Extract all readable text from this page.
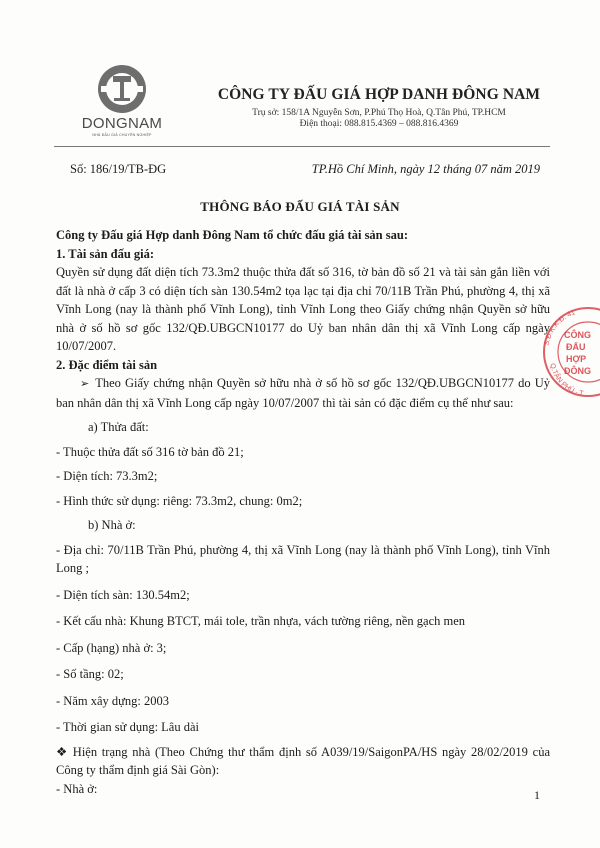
DONGNAM
NHÀ ĐẤU GIÁ CHUYÊN NGHIỆP
CÔNG TY ĐẤU GIÁ HỢP DANH ĐÔNG NAM
Trụ sở: 158/1A Nguyễn Sơn, P.Phú Thọ Hoà, Q.Tân Phú, TP.HCM
Điện thoại: 088.815.4369 – 088.816.4369
Số: 186/19/TB-ĐG	TP.Hồ Chí Minh, ngày 12 tháng 07 năm 2019
THÔNG BÁO ĐẤU GIÁ TÀI SẢN

Công ty Đấu giá Hợp danh Đông Nam tổ chức đấu giá tài sản sau:

1. Tài sản đấu giá:

Quyền sử dụng đất diện tích 73.3m2 thuộc thửa đất số 316, tờ bản đồ số 21 và tài sản gắn liền với đất là nhà ở cấp 3 có diện tích sàn 130.54m2 tọa lạc tại địa chỉ 70/11B Trần Phú, phường 4, thị xã Vĩnh Long (nay là thành phố Vĩnh Long), tỉnh Vĩnh Long theo Giấy chứng nhận Quyền sở hữu nhà ở số hồ sơ gốc 132/QĐ.UBGCN10177 do Uỷ ban nhân dân thị xã Vĩnh Long cấp ngày 10/07/2007.

2. Đặc điểm tài sản

➢ Theo Giấy chứng nhận Quyền sở hữu nhà ở số hồ sơ gốc 132/QĐ.UBGCN10177 do Uỷ ban nhân dân thị xã Vĩnh Long cấp ngày 10/07/2007 thì tài sản có đặc điểm cụ thể như sau:

a) Thửa đất:

- Thuộc thửa đất số 316 tờ bản đồ 21;

- Diện tích: 73.3m2;

- Hình thức sử dụng: riêng: 73.3m2, chung: 0m2;

b) Nhà ở:

- Địa chỉ: 70/11B Trần Phú, phường 4, thị xã Vĩnh Long (nay là thành phố Vĩnh Long), tỉnh Vĩnh Long ;

- Diện tích sàn: 130.54m2;

- Kết cấu nhà: Khung BTCT, mái tole, trần nhựa, vách tường riêng, nền gạch men

- Cấp (hạng) nhà ở: 3;

- Số tầng: 02;

- Năm xây dựng: 2003

- Thời gian sử dụng: Lâu dài

❖ Hiện trạng nhà (Theo Chứng thư thẩm định số A039/19/SaigonPA/HS ngày 28/02/2019 của Công ty thẩm định giá Sài Gòn):

- Nhà ở:	1
S.Đ.K.K.Đ: 41
Q.TÂN PHÚ - T
CÔNG
ĐẤU
HỢP
ĐÔNG
